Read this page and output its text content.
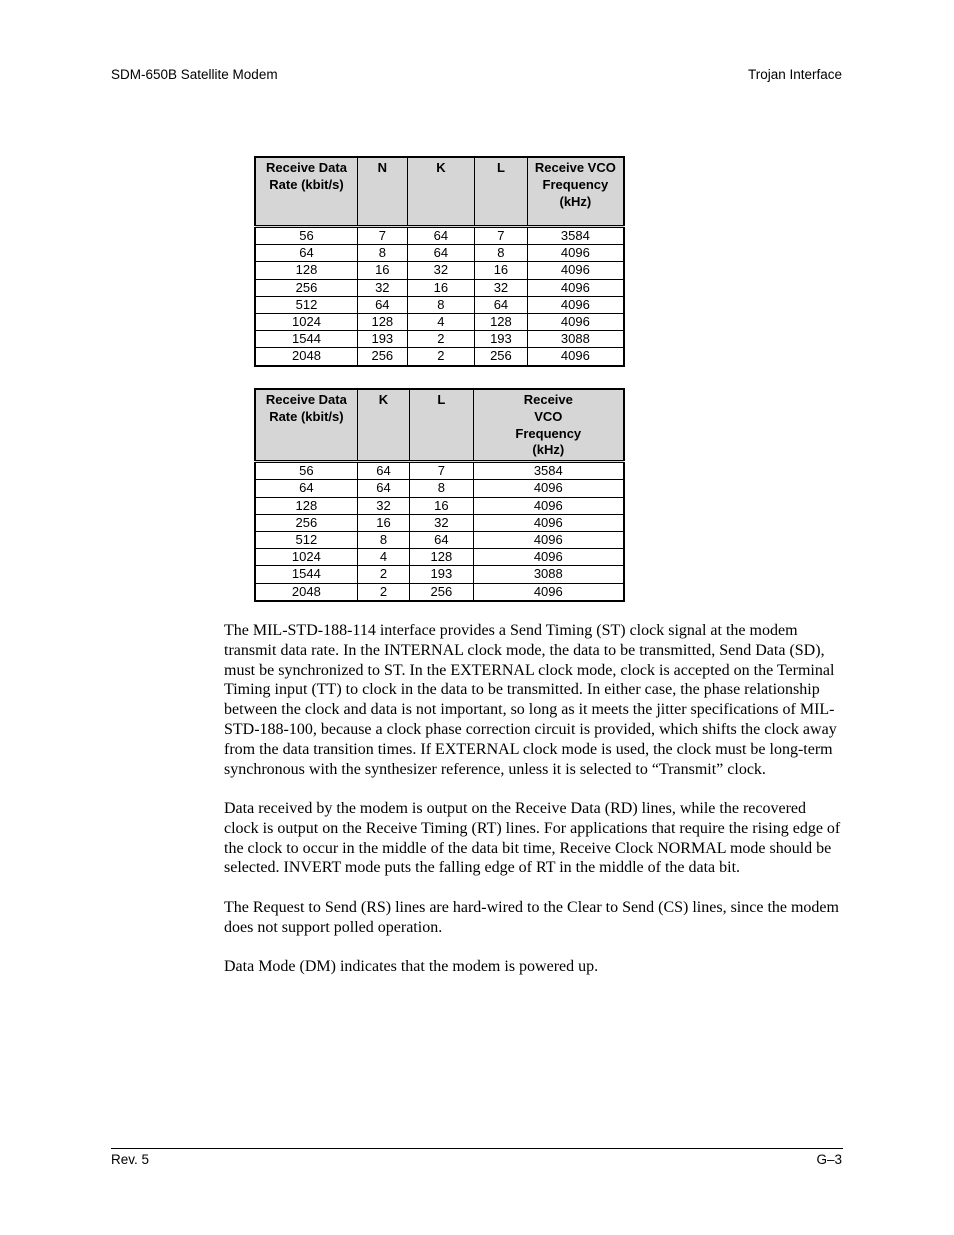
SDM-650B Satellite Modem	Trojan Interface
Receive Data Rate (kbit/s)	N	K	L	Receive VCO Frequency (kHz)
56	7	64	7	3584
64	8	64	8	4096
128	16	32	16	4096
256	32	16	32	4096
512	64	8	64	4096
1024	128	4	128	4096
1544	193	2	193	3088
2048	256	2	256	4096
Receive Data Rate (kbit/s)	K	L	Receive VCO Frequency (kHz)
56	64	7	3584
64	64	8	4096
128	32	16	4096
256	16	32	4096
512	8	64	4096
1024	4	128	4096
1544	2	193	3088
2048	2	256	4096

The MIL-STD-188-114 interface provides a Send Timing (ST) clock signal at the modem transmit data rate. In the INTERNAL clock mode, the data to be transmitted, Send Data (SD), must be synchronized to ST. In the EXTERNAL clock mode, clock is accepted on the Terminal Timing input (TT) to clock in the data to be transmitted. In either case, the phase relationship between the clock and data is not important, so long as it meets the jitter specifications of MIL-STD-188-100, because a clock phase correction circuit is provided, which shifts the clock away from the data transition times. If EXTERNAL clock mode is used, the clock must be long-term synchronous with the synthesizer reference, unless it is selected to “Transmit” clock.

Data received by the modem is output on the Receive Data (RD) lines, while the recovered clock is output on the Receive Timing (RT) lines. For applications that require the rising edge of the clock to occur in the middle of the data bit time, Receive Clock NORMAL mode should be selected. INVERT mode puts the falling edge of RT in the middle of the data bit.

The Request to Send (RS) lines are hard-wired to the Clear to Send (CS) lines, since the modem does not support polled operation.

Data Mode (DM) indicates that the modem is powered up.

Rev. 5	G–3
